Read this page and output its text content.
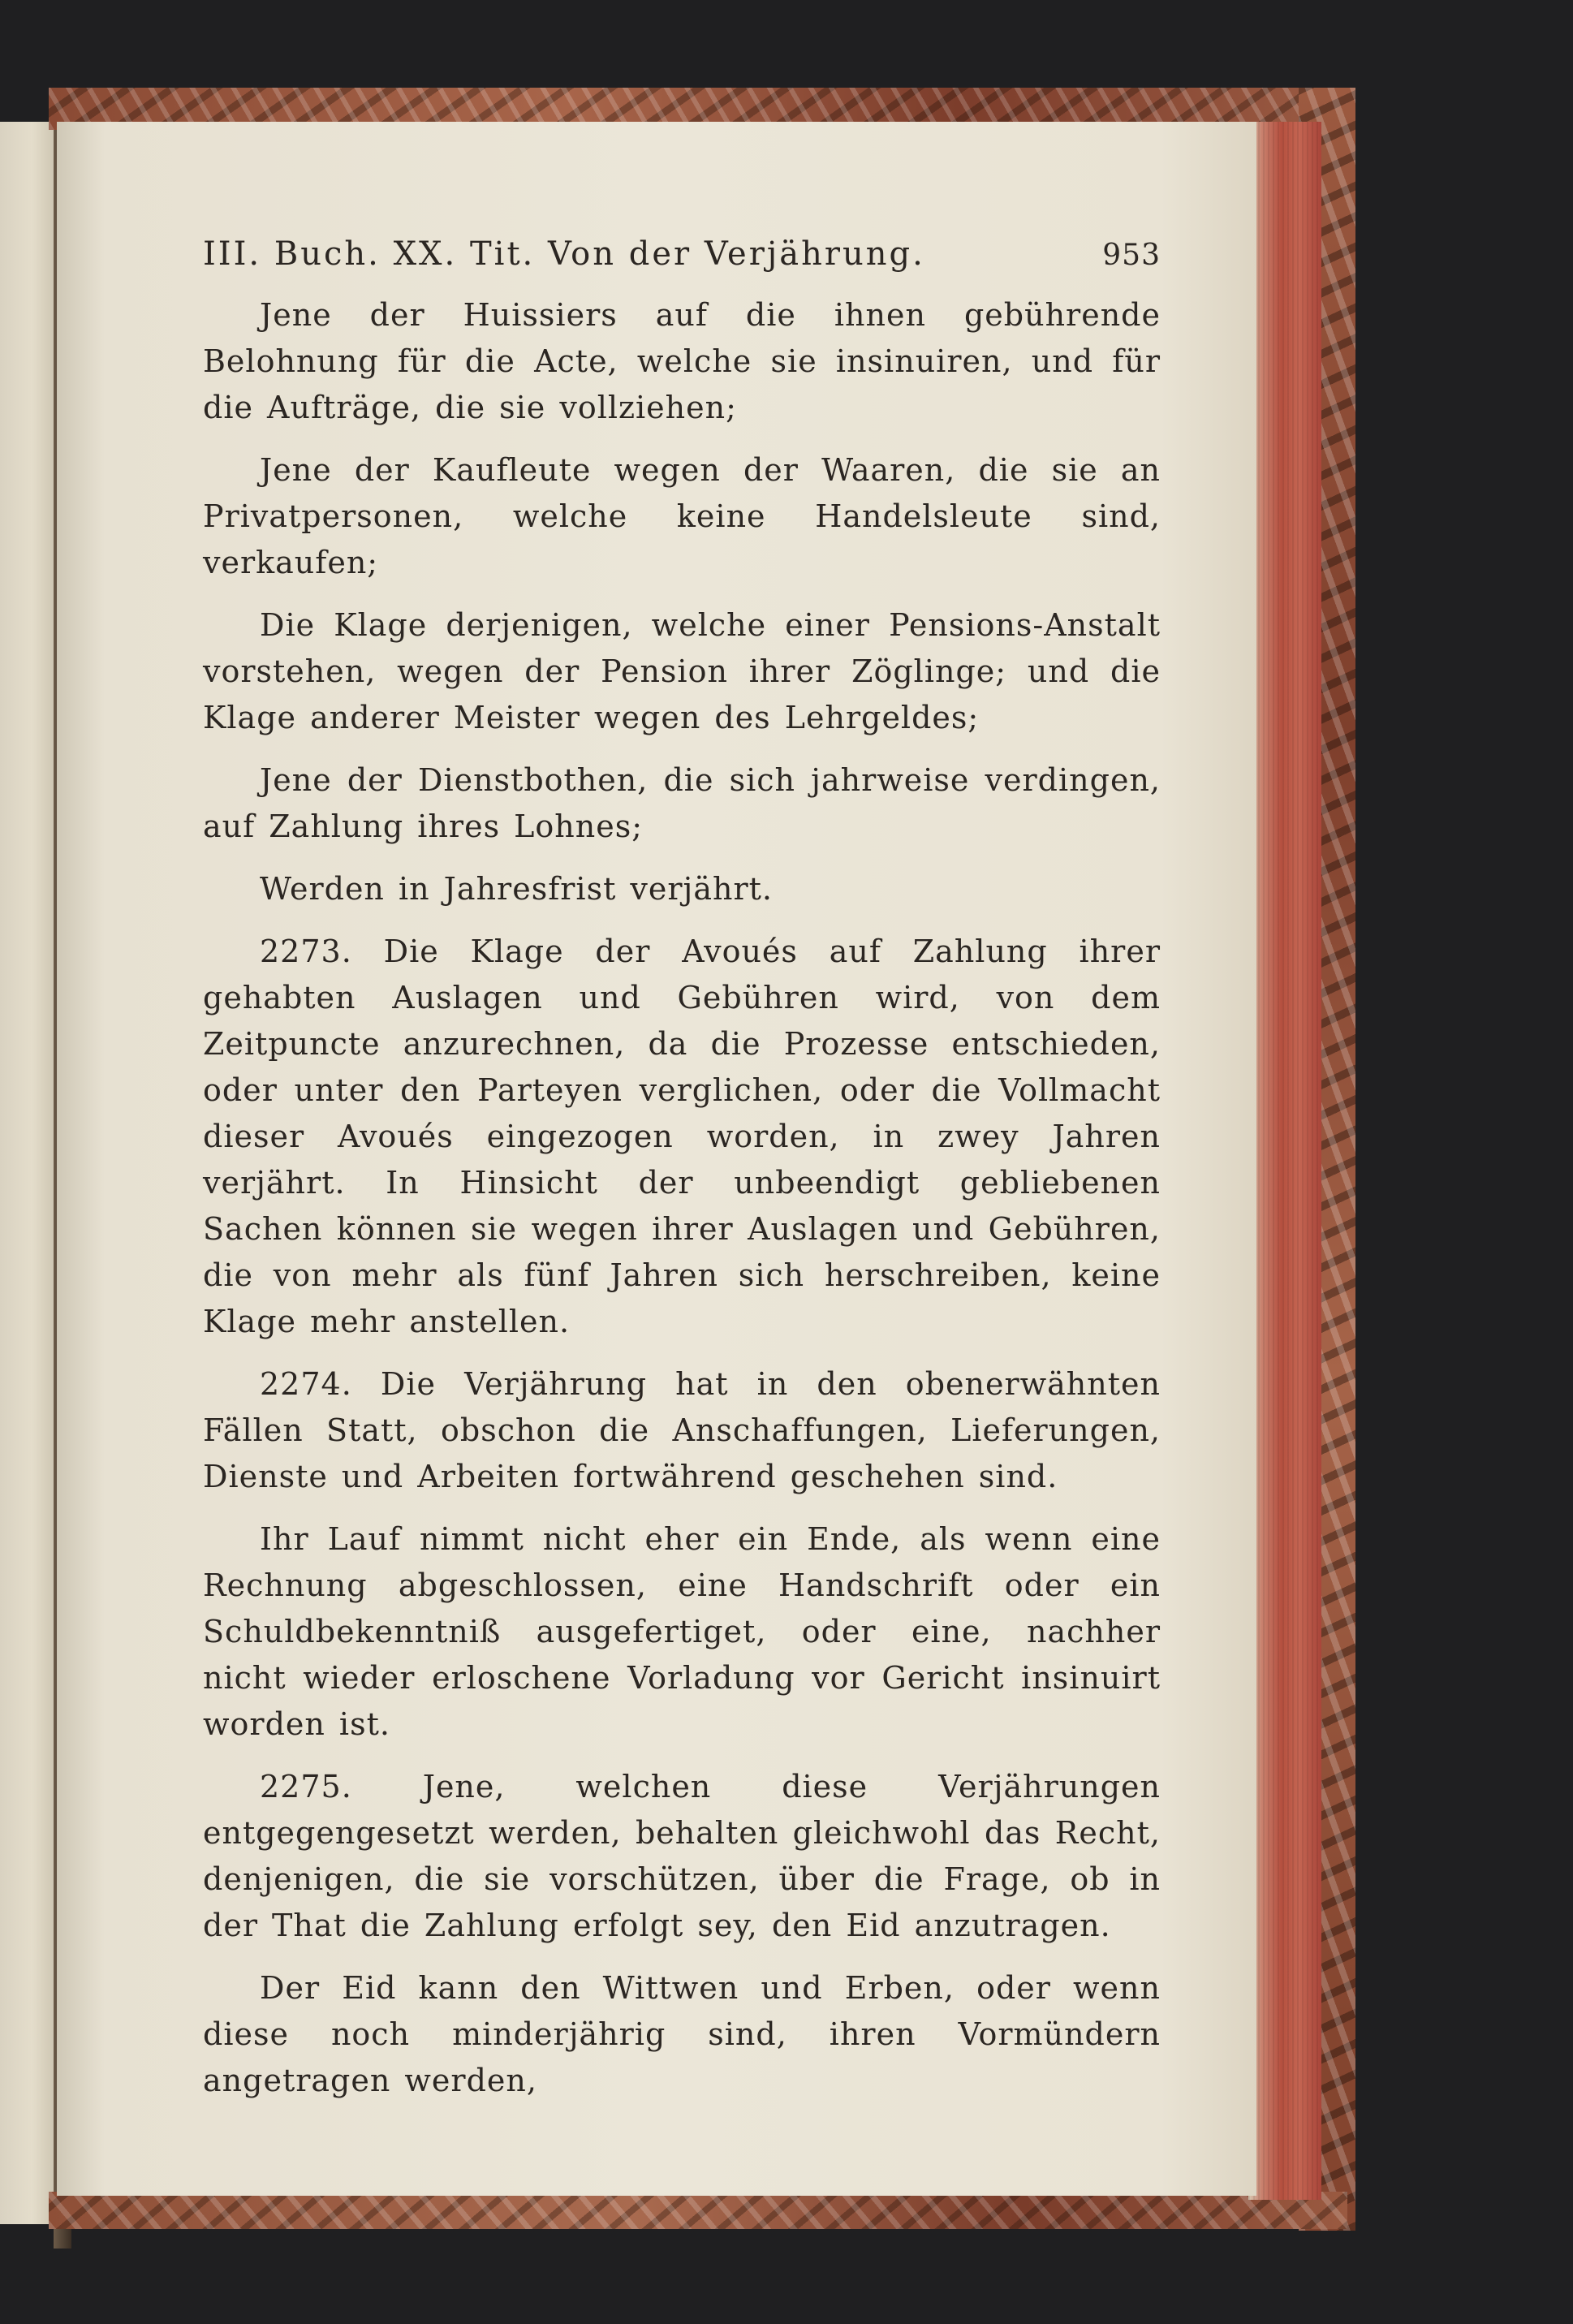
III. Buch. XX. Tit. Von der Verjährung.	953

Jene der Huissiers auf die ihnen gebührende Belohnung für die Acte, welche sie insinuiren, und für die Aufträge, die sie vollziehen;

Jene der Kaufleute wegen der Waaren, die sie an Privatpersonen, welche keine Handelsleute sind, verkaufen;

Die Klage derjenigen, welche einer Pensions-Anstalt vorstehen, wegen der Pension ihrer Zöglinge; und die Klage anderer Meister wegen des Lehrgeldes;

Jene der Dienstbothen, die sich jahrweise verdingen, auf Zahlung ihres Lohnes;

Werden in Jahresfrist verjährt.

2273. Die Klage der Avoués auf Zahlung ihrer gehabten Auslagen und Gebühren wird, von dem Zeitpuncte anzurechnen, da die Prozesse entschieden, oder unter den Parteyen verglichen, oder die Vollmacht dieser Avoués eingezogen worden, in zwey Jahren verjährt. In Hinsicht der unbeendigt gebliebenen Sachen können sie wegen ihrer Auslagen und Gebühren, die von mehr als fünf Jahren sich herschreiben, keine Klage mehr anstellen.

2274. Die Verjährung hat in den obenerwähnten Fällen Statt, obschon die Anschaffungen, Lieferungen, Dienste und Arbeiten fortwährend geschehen sind.

Ihr Lauf nimmt nicht eher ein Ende, als wenn eine Rechnung abgeschlossen, eine Handschrift oder ein Schuldbekenntniß ausgefertiget, oder eine, nachher nicht wieder erloschene Vorladung vor Gericht insinuirt worden ist.

2275. Jene, welchen diese Verjährungen entgegengesetzt werden, behalten gleichwohl das Recht, denjenigen, die sie vorschützen, über die Frage, ob in der That die Zahlung erfolgt sey, den Eid anzutragen.

Der Eid kann den Wittwen und Erben, oder wenn diese noch minderjährig sind, ihren Vormündern angetragen werden,
